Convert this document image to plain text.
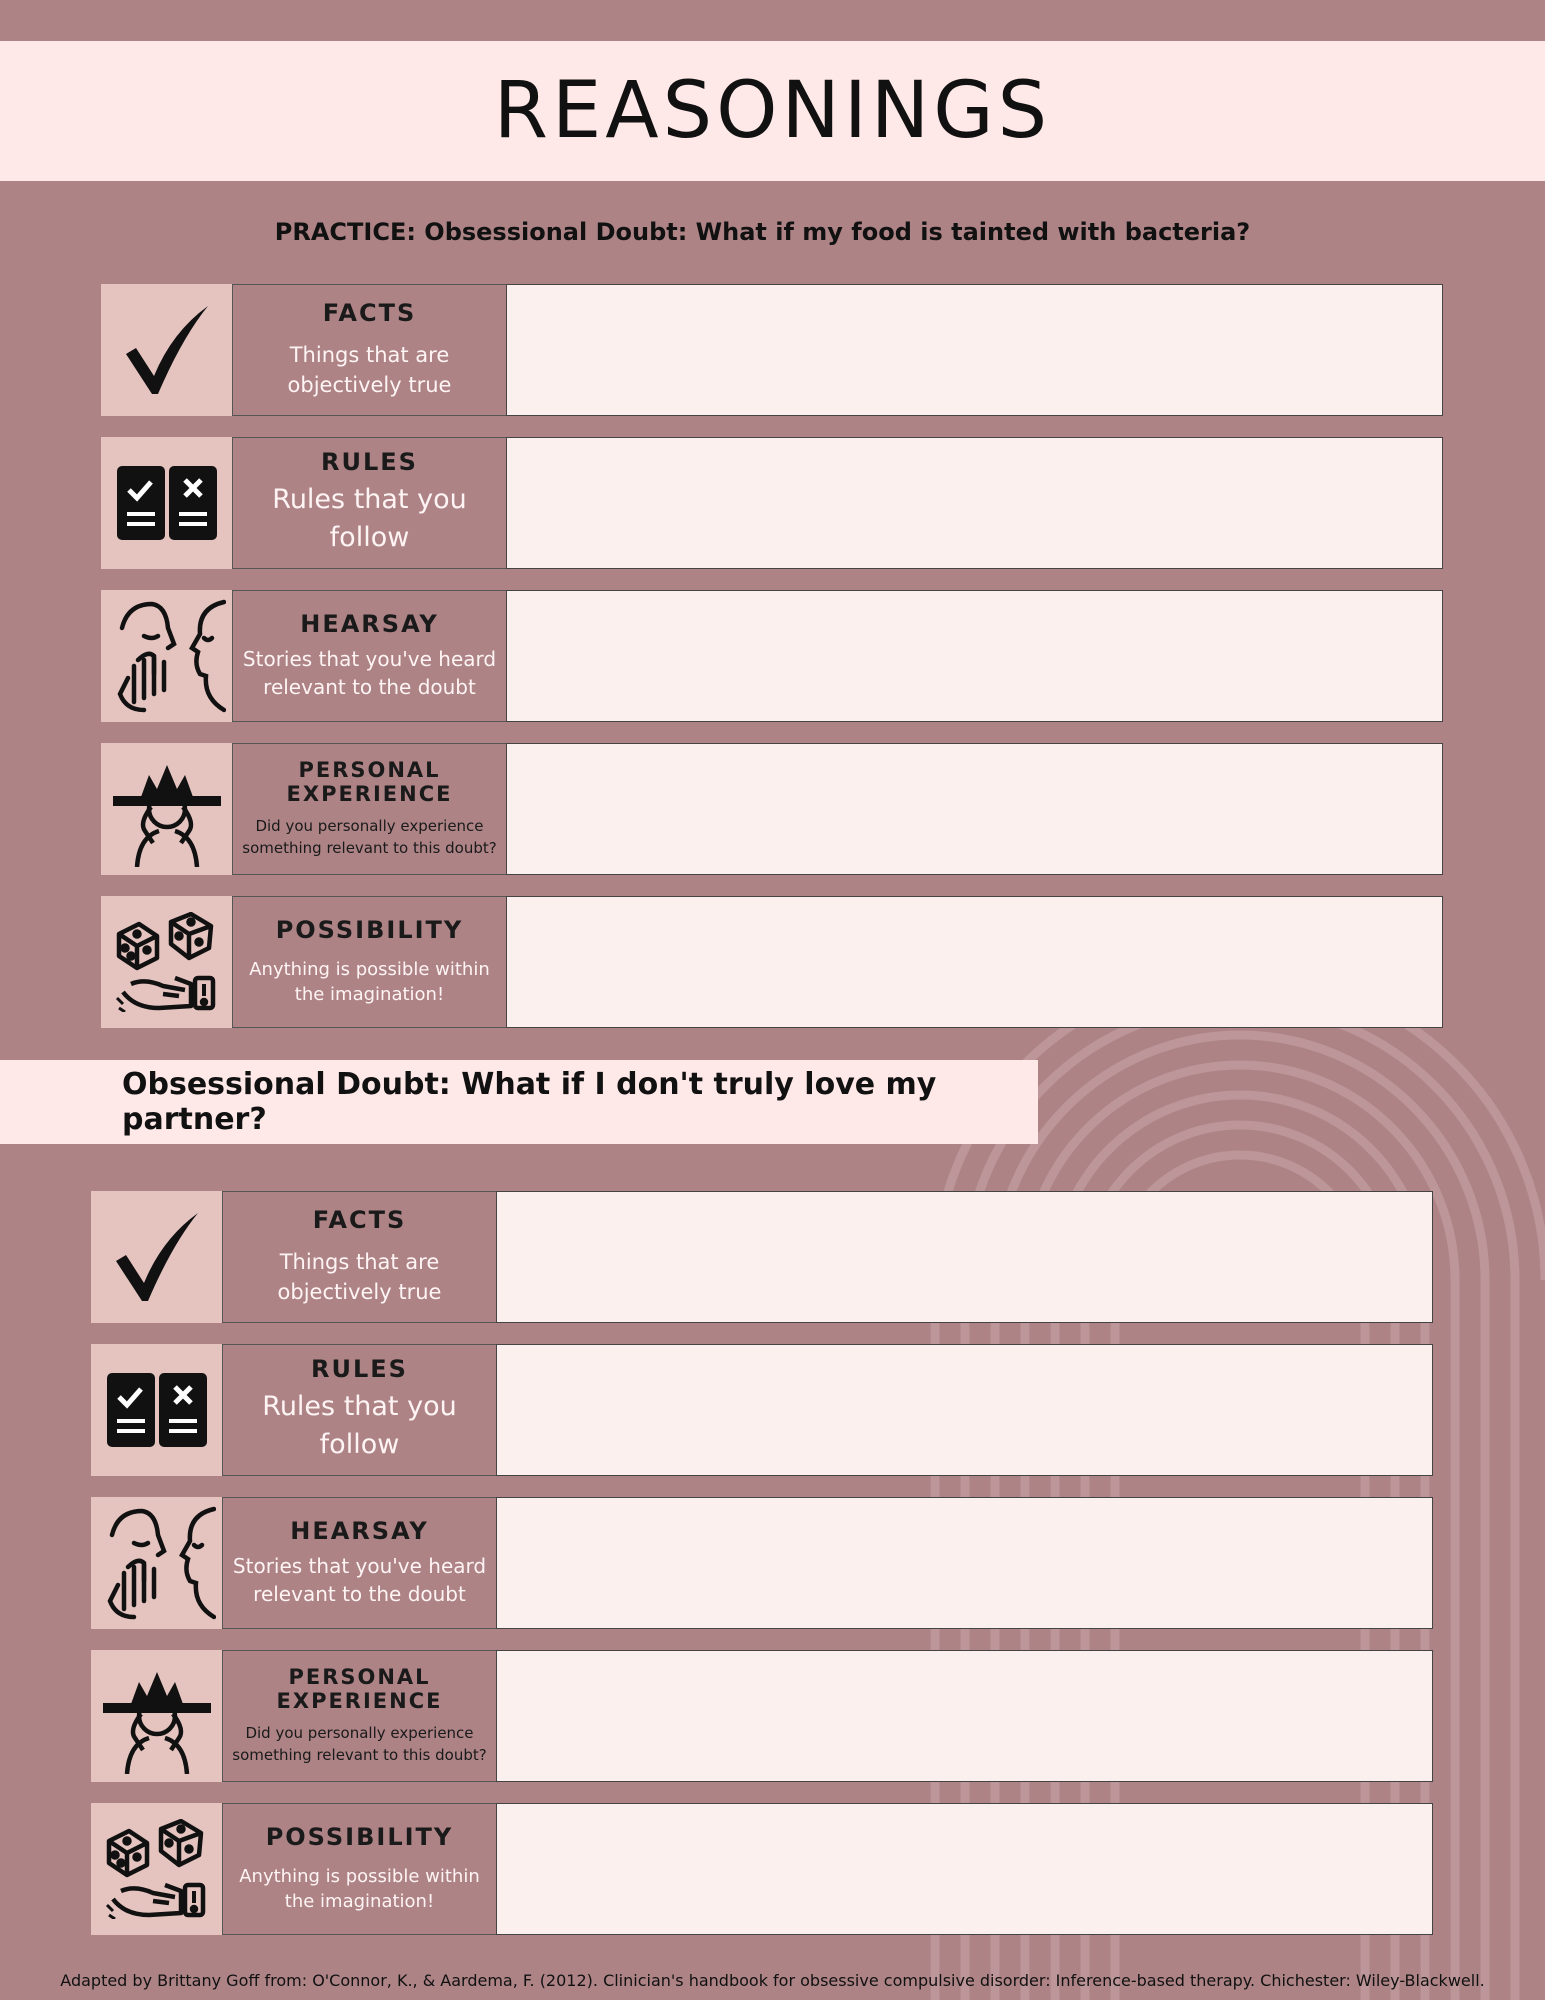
REASONINGS
PRACTICE: Obsessional Doubt: What if my food is tainted with bacteria?
FACTS
Things that are
objectively true
RULES
Rules that you
follow
HEARSAY
Stories that you've heard
relevant to the doubt
PERSONAL
EXPERIENCE
Did you personally experience
something relevant to this doubt?
POSSIBILITY
Anything is possible within
the imagination!
Obsessional Doubt: What if I don't truly love my partner?
FACTS
Things that are
objectively true
RULES
Rules that you
follow
HEARSAY
Stories that you've heard
relevant to the doubt
PERSONAL
EXPERIENCE
Did you personally experience
something relevant to this doubt?
POSSIBILITY
Anything is possible within
the imagination!
Adapted by Brittany Goff from: O'Connor, K., & Aardema, F. (2012). Clinician's handbook for obsessive compulsive disorder: Inference-based therapy. Chichester: Wiley-Blackwell.
